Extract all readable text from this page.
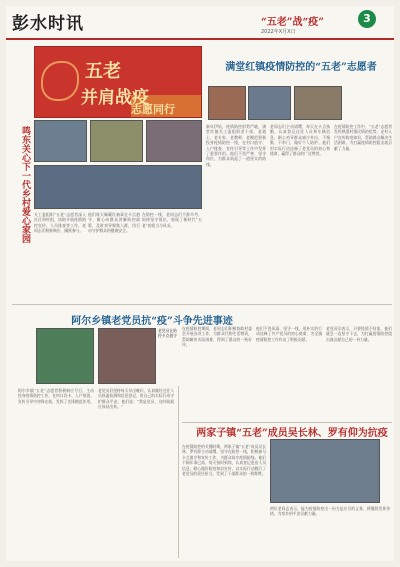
彭水时讯	“五老”战“疫”	3
2022年X月X日
五老
并肩战疫
志愿同行
鸣东关心下一代乡村爱心家园
满堂红镇疫情防控的“五老”志愿者
新年伊始，疫情防控形势严峻，满堂红镇关工委组织老干部、老战士、老专家、老教师、老模范积极投身疫情防控一线，在村口值守、入户排查、宣传引导等工作中发挥了重要作用。他们不畏严寒、坚守岗位，为群众筑起了一道坚实的防线。
老同志们主动请缨，每天在卡点执勤，认真登记过往人员和车辆信息，耐心劝导群众减少外出、不聚集、不串门，做好个人防护。他们用实际行动诠释了老党员的初心和使命，赢得了群众的广泛赞誉。
在疫情防控工作中，“五老”志愿者发挥熟悉村情民情的优势，走村入户宣传防疫知识，帮助群众解决生活困难，为打赢疫情防控阻击战贡献了力量。
关工委组织“五老”志愿者深入社区和村组，协助开展疫情防控宣传、人员排查等工作，老同志们积极响应、踊跃参与。
他们每天佩戴红袖章在卡点值守，耐心向群众讲解防控政策，及时劝导聚集人群，用行动守护群众的健康安全。
在防控一线，老同志们不辞辛劳，始终坚守岗位，展现了新时代“五老”的担当与风采。
阿尔乡镇老党员抗“疫”斗争先进事迹
老党员在防控卡点值守
阿尔乡镇“五老”志愿者积极响应号召，主动投身疫情防控工作，在村口设卡、入户排查、宣传引导中冲锋在前，发挥了先锋模范作用。
老党员们坚持每天早出晚归，认真做好过往人员体温检测和信息登记，用自己的实际行动守护群众平安。他们说：“我是党员，这时候就应该站出来。”
在疫情防控期间，老同志们积极协助村委会开展各项工作，为群众代购生活物资，帮助解决实际困难，得到了群众的一致好评。
他们不畏风雨、坚守一线，用朴实的行动诠释了共产党员的初心使命，为全镇疫情防控工作作出了积极贡献。
老党员们表示，只要疫情不结束，他们就会一直坚守下去，为打赢疫情防控阻击战贡献自己的一份力量。
两家子镇“五老”成员吴长林、罗有仰为抗疫
在疫情防控的关键时期，两家子镇“五老”成员吴长林、罗有仰主动请缨，坚守在防控一线，积极参与卡点值守和宣传工作，为群众筑牢疫情防线。他们不顾年事已高，每天按时到岗，认真登记进出人员信息，耐心做好防疫知识宣传，以实际行动践行了老党员的责任担当，受到了干部群众的一致称赞。
两位老同志表示，能为疫情防控出一份力是应尽的义务，将继续发挥余热，为家乡的平安贡献力量。
